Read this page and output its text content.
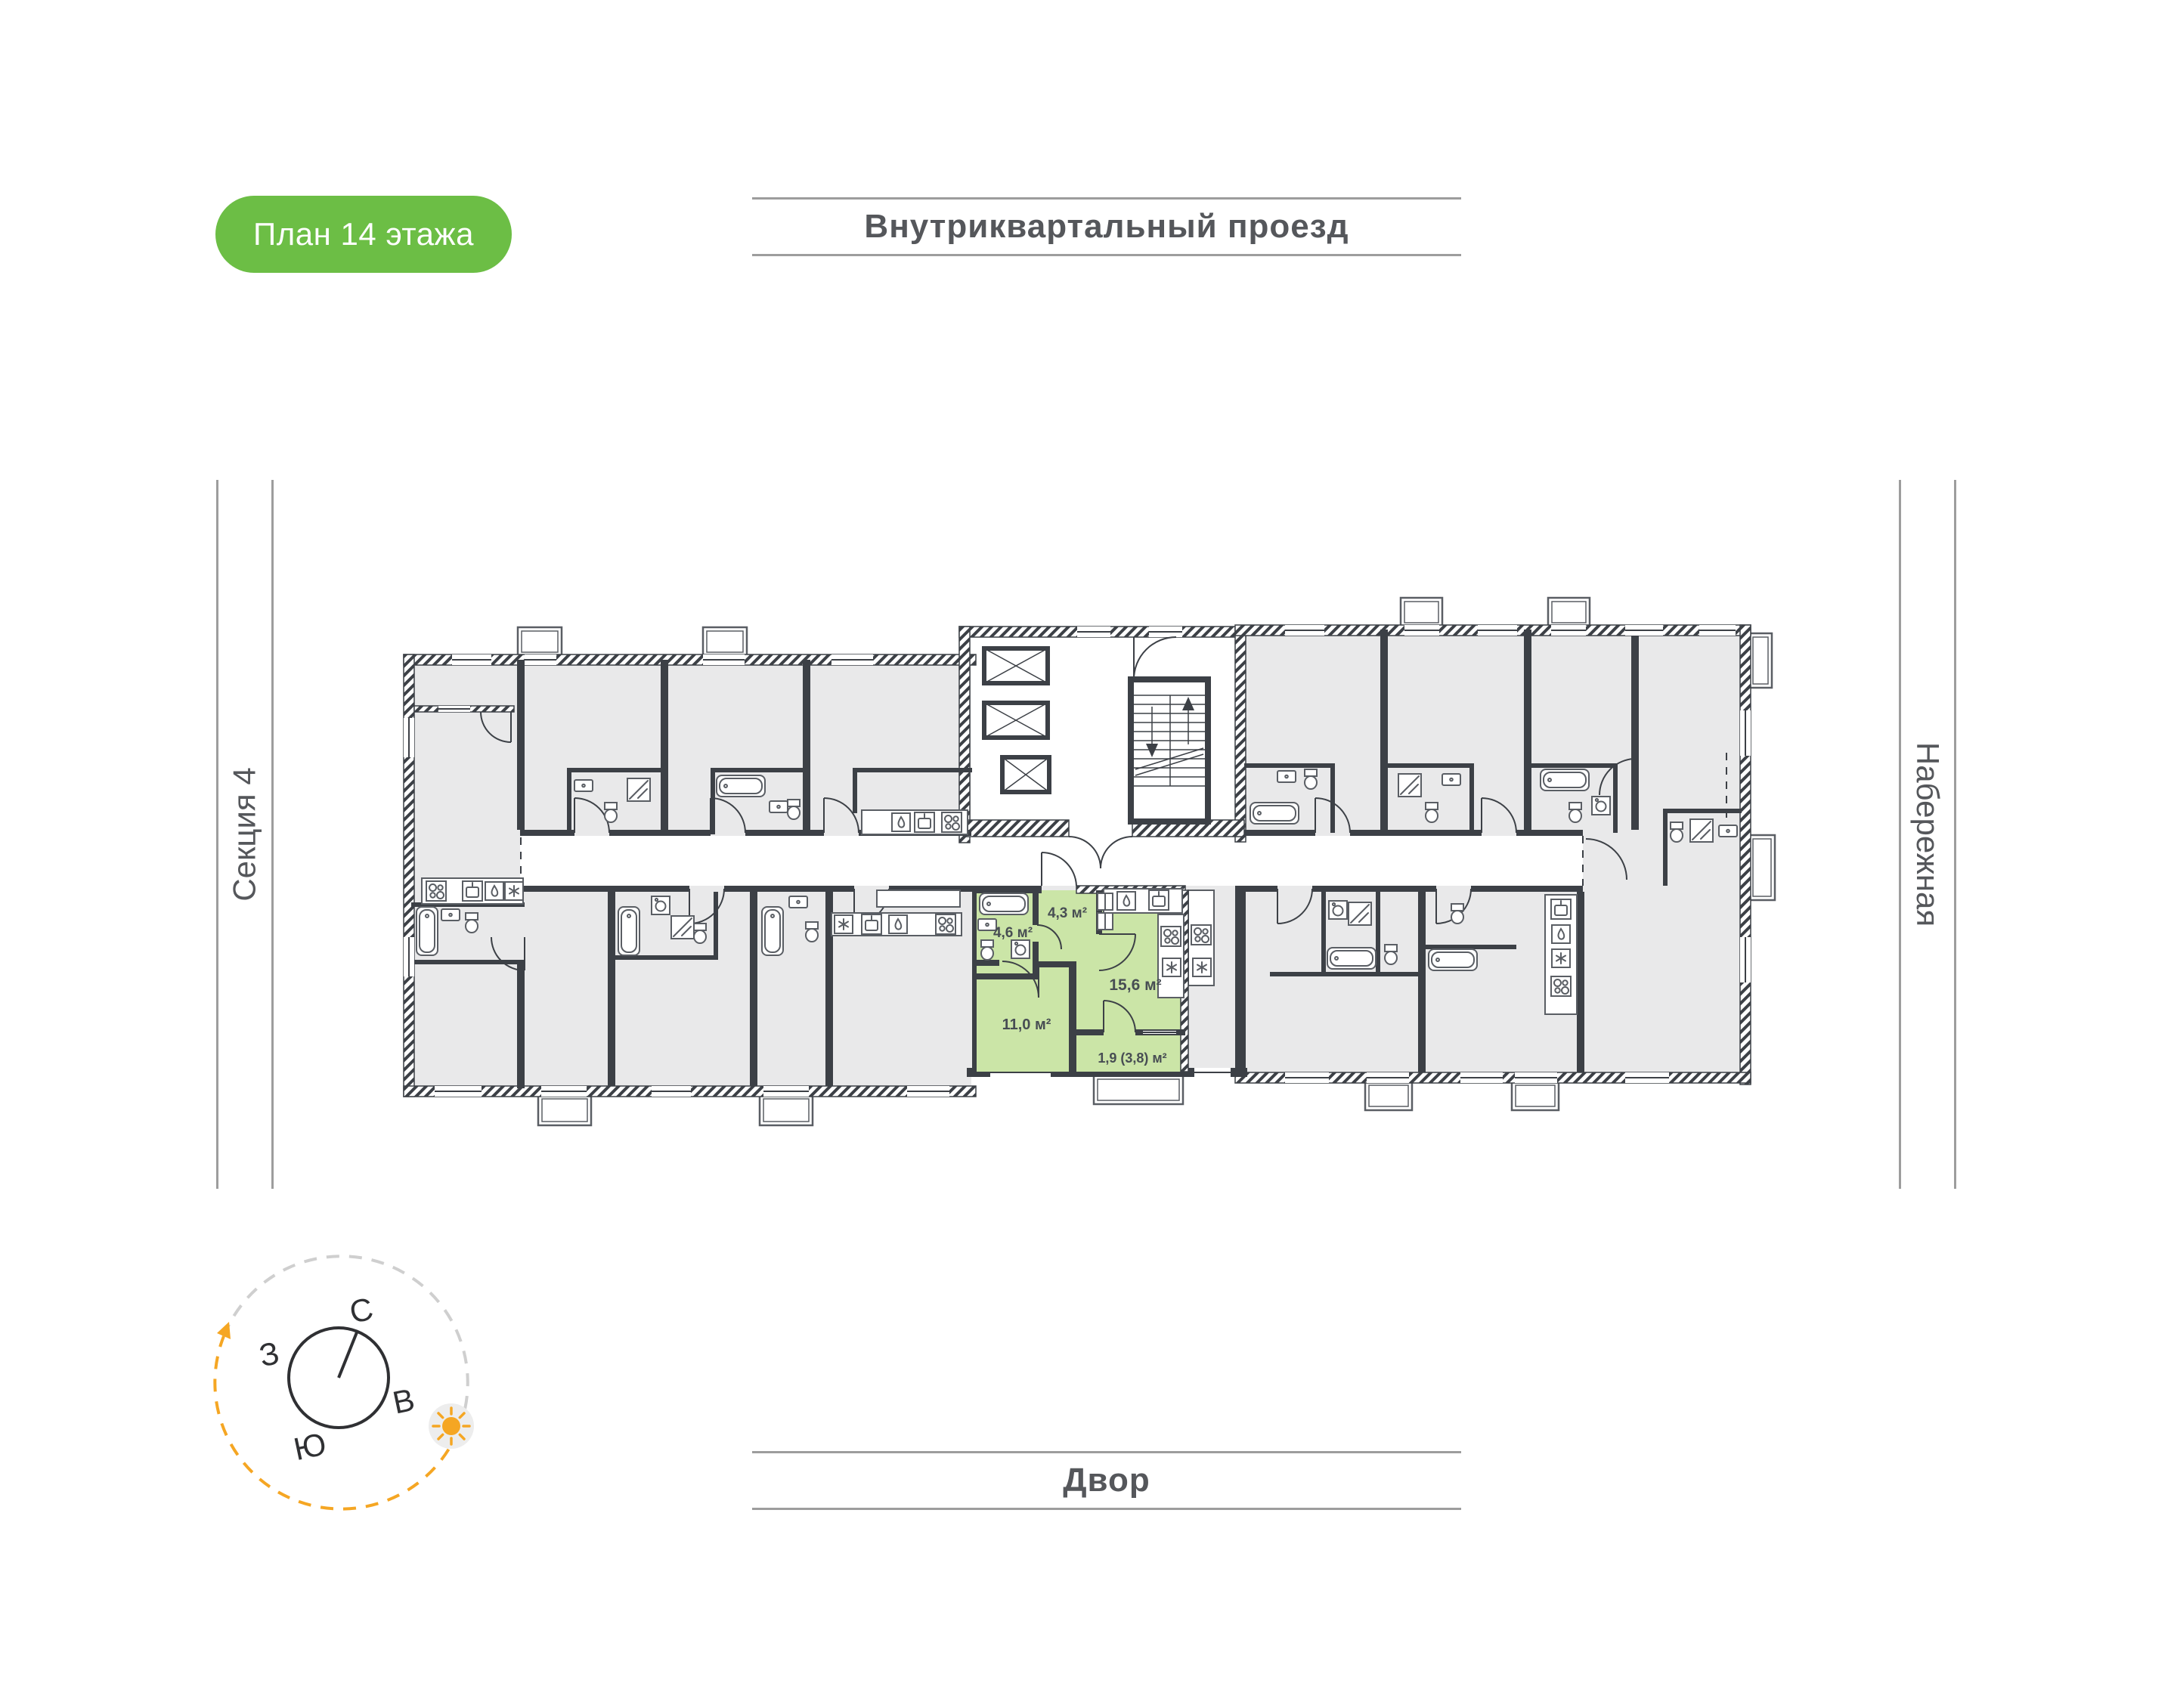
План 14 этажа	Внутриквартальный проезд
Двор
Секция 4	Набережная
4,6 м²
4,3 м²
15,6 м²
11,0 м²
1,9 (3,8) м²
С
З
В
Ю
